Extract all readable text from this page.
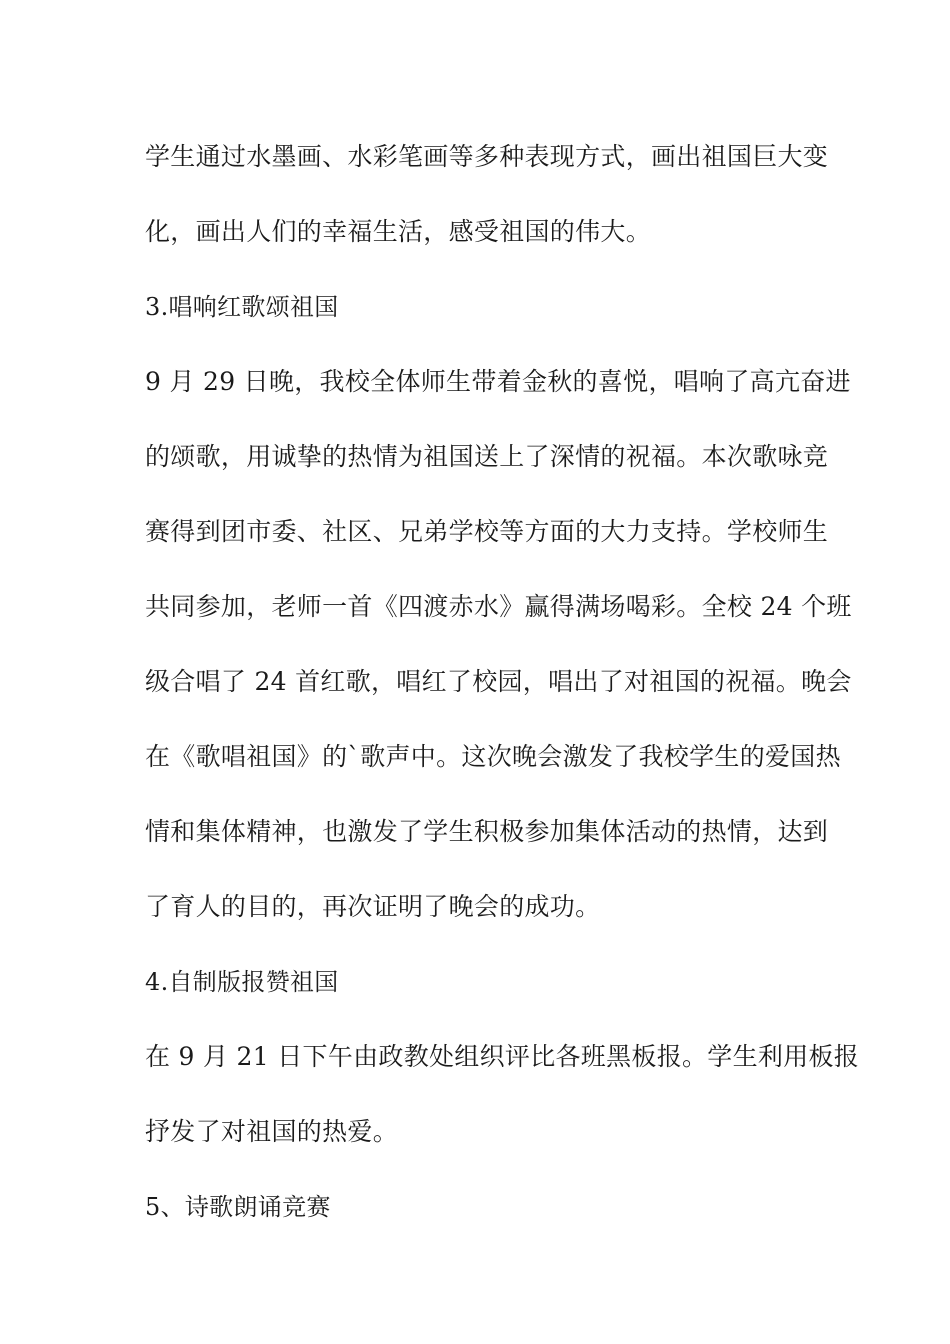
学生通过水墨画、水彩笔画等多种表现方式，画出祖国巨大变
化，画出人们的幸福生活，感受祖国的伟大。
3.唱响红歌颂祖国
9 月 29 日晚，我校全体师生带着金秋的喜悦，唱响了高亢奋进
的颂歌，用诚挚的热情为祖国送上了深情的祝福。本次歌咏竞
赛得到团市委、社区、兄弟学校等方面的大力支持。学校师生
共同参加，老师一首《四渡赤水》赢得满场喝彩。全校 24 个班
级合唱了 24 首红歌，唱红了校园，唱出了对祖国的祝福。晚会
在《歌唱祖国》的`歌声中。这次晚会激发了我校学生的爱国热
情和集体精神，也激发了学生积极参加集体活动的热情，达到
了育人的目的，再次证明了晚会的成功。
4.自制版报赞祖国
在 9 月 21 日下午由政教处组织评比各班黑板报。学生利用板报
抒发了对祖国的热爱。
5、诗歌朗诵竞赛
